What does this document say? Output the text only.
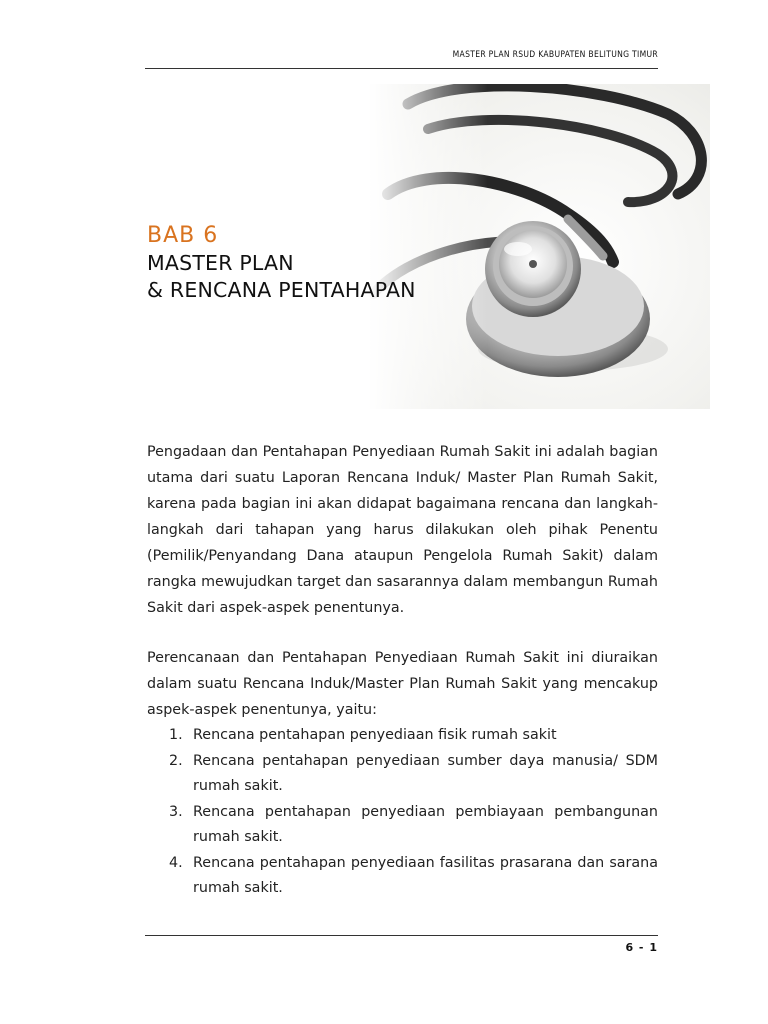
MASTER PLAN RSUD KABUPATEN BELITUNG TIMUR
BAB 6
MASTER PLAN
& RENCANA PENTAHAPAN

Pengadaan dan Pentahapan Penyediaan Rumah Sakit ini adalah bagian utama dari suatu Laporan Rencana Induk/ Master Plan Rumah Sakit, karena pada bagian ini akan didapat bagaimana rencana dan langkah-langkah dari tahapan yang harus dilakukan oleh pihak Penentu (Pemilik/Penyandang Dana ataupun Pengelola Rumah Sakit) dalam rangka mewujudkan target dan sasarannya dalam membangun Rumah Sakit dari aspek-aspek penentunya.

Perencanaan dan Pentahapan Penyediaan Rumah Sakit ini diuraikan dalam suatu Rencana Induk/Master Plan Rumah Sakit yang mencakup aspek-aspek penentunya, yaitu:

1. Rencana pentahapan penyediaan fisik rumah sakit
2. Rencana pentahapan penyediaan sumber daya manusia/ SDM rumah sakit.
3. Rencana pentahapan penyediaan pembiayaan pembangunan rumah sakit.
4. Rencana pentahapan penyediaan fasilitas prasarana dan sarana rumah sakit.
6 - 1
